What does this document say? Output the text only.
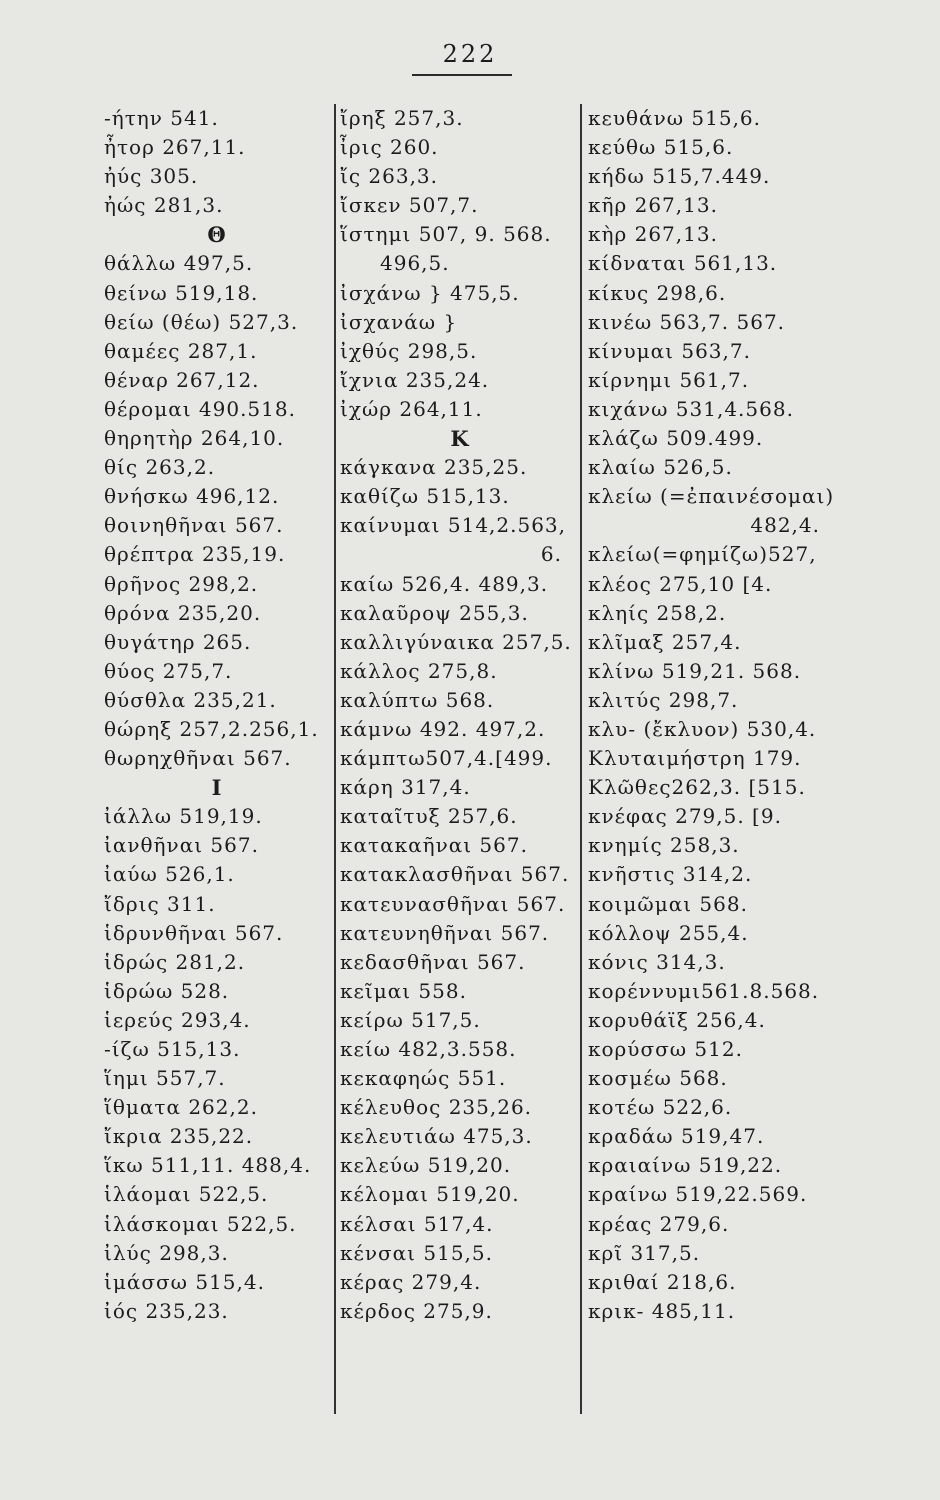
222
-ήτην 541.
ἦτορ 267,11.
ἠύς 305.
ἠώς 281,3.
Θ
θάλλω 497,5.
θείνω 519,18.
θείω (θέω) 527,3.
θαμέες 287,1.
θέναρ 267,12.
θέρομαι 490.518.
θηρητὴρ 264,10.
θίς 263,2.
θνήσκω 496,12.
θοινηθῆναι 567.
θρέπτρα 235,19.
θρῆνος 298,2.
θρόνα 235,20.
θυγάτηρ 265.
θύος 275,7.
θύσθλα 235,21.
θώρηξ 257,2.256,1.
θωρηχθῆναι 567.
Ι
ἰάλλω 519,19.
ἰανθῆναι 567.
ἰαύω 526,1.
ἴδρις 311.
ἱδρυνθῆναι 567.
ἱδρώς 281,2.
ἱδρώω 528.
ἱερεύς 293,4.
-ίζω 515,13.
ἵημι 557,7.
ἵθματα 262,2.
ἴκρια 235,22.
ἵκω 511,11. 488,4.
ἱλάομαι 522,5.
ἱλάσκομαι 522,5.
ἰλύς 298,3.
ἱμάσσω 515,4.
ἰός 235,23.
ἴρηξ 257,3.
ἶρις 260.
ἴς 263,3.
ἴσκεν 507,7.
ἵστημι 507, 9. 568.
496,5.
ἰσχάνω } 475,5.
ἰσχανάω }
ἰχθύς 298,5.
ἴχνια 235,24.
ἰχώρ 264,11.
Κ
κάγκανα 235,25.
καθίζω 515,13.
καίνυμαι 514,2.563,
6.
καίω 526,4. 489,3.
καλαῦροψ 255,3.
καλλιγύναικα 257,5.
κάλλος 275,8.
καλύπτω 568.
κάμνω 492. 497,2.
κάμπτω507,4.[499.
κάρη 317,4.
καταῖτυξ 257,6.
κατακαῆναι 567.
κατακλασθῆναι 567.
κατευνασθῆναι 567.
κατευνηθῆναι 567.
κεδασθῆναι 567.
κεῖμαι 558.
κείρω 517,5.
κείω 482,3.558.
κεκαφηώς 551.
κέλευθος 235,26.
κελευτιάω 475,3.
κελεύω 519,20.
κέλομαι 519,20.
κέλσαι 517,4.
κένσαι 515,5.
κέρας 279,4.
κέρδος 275,9.
κευθάνω 515,6.
κεύθω 515,6.
κήδω 515,7.449.
κῆρ 267,13.
κὴρ 267,13.
κίδναται 561,13.
κίκυς 298,6.
κινέω 563,7. 567.
κίνυμαι 563,7.
κίρνημι 561,7.
κιχάνω 531,4.568.
κλάζω 509.499.
κλαίω 526,5.
κλείω (=ἐπαινέσομαι)
482,4.
κλείω(=φημίζω)527,
κλέος 275,10 [4.
κληίς 258,2.
κλῖμαξ 257,4.
κλίνω 519,21. 568.
κλιτύς 298,7.
κλυ- (ἔκλυον) 530,4.
Κλυταιμήστρη 179.
Κλῶθες262,3. [515.
κνέφας 279,5. [9.
κνημίς 258,3.
κνῆστις 314,2.
κοιμῶμαι 568.
κόλλοψ 255,4.
κόνις 314,3.
κορέννυμι561.8.568.
κορυθάϊξ 256,4.
κορύσσω 512.
κοσμέω 568.
κοτέω 522,6.
κραδάω 519,47.
κραιαίνω 519,22.
κραίνω 519,22.569.
κρέας 279,6.
κρῖ 317,5.
κριθαί 218,6.
κρικ- 485,11.
